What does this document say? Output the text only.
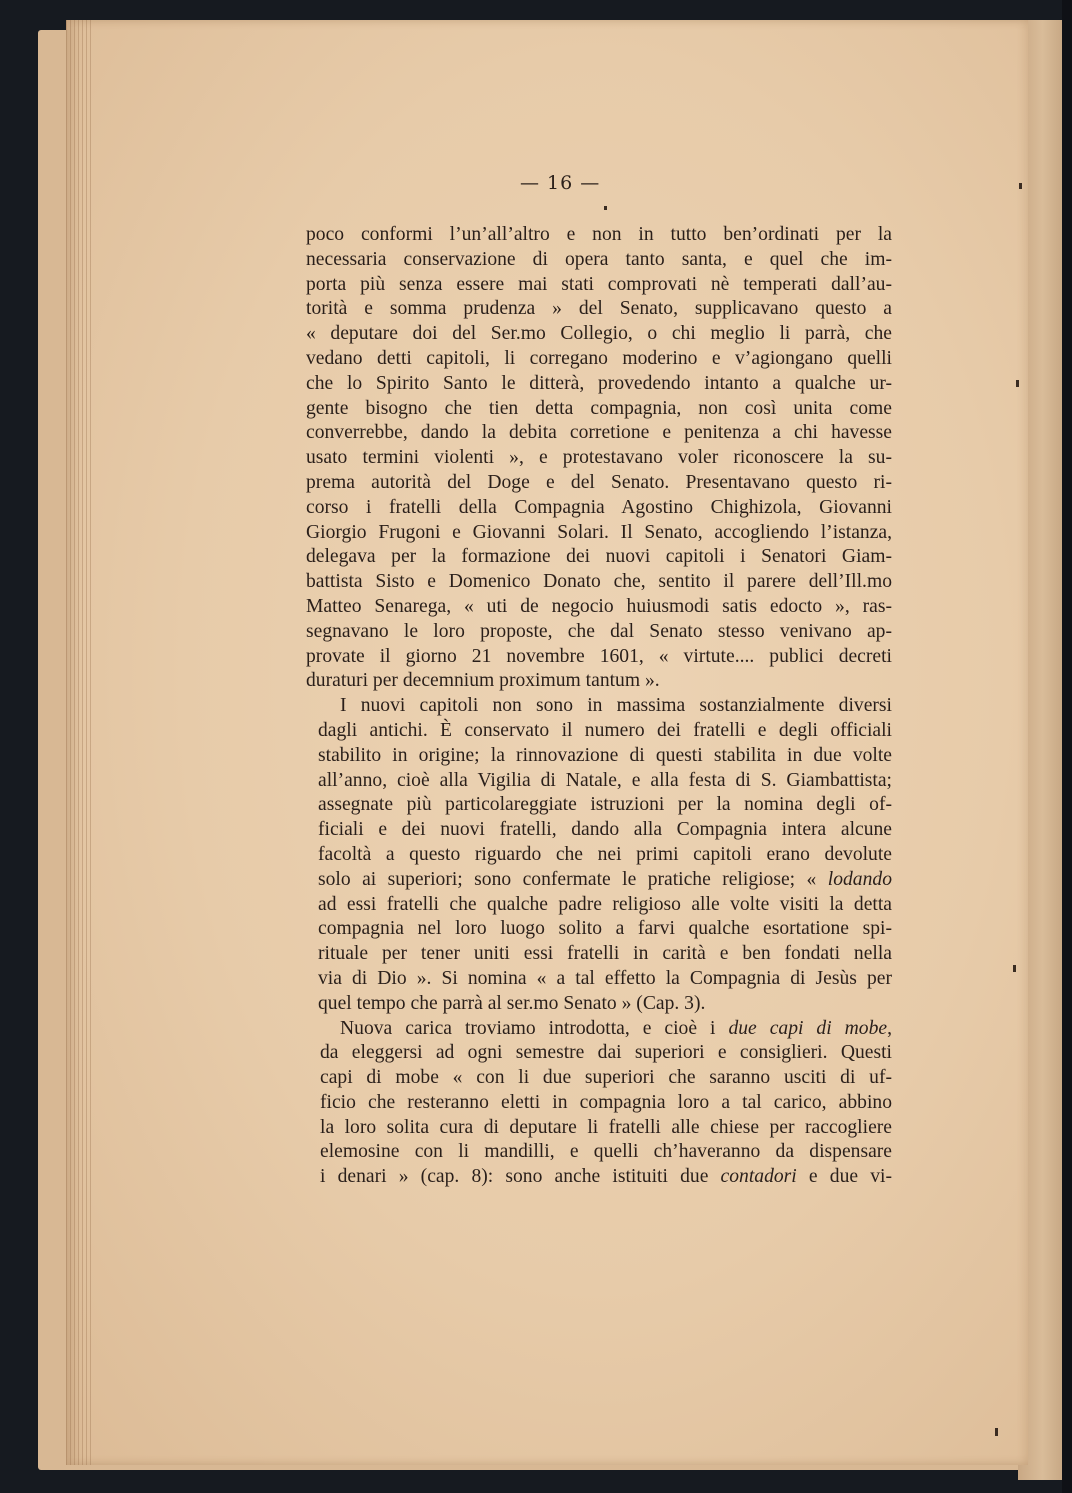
— 16 —
poco conformi l’un’all’altro e non in tutto ben’ordinati per la
necessaria conservazione di opera tanto santa, e quel che im-
porta più senza essere mai stati comprovati nè temperati dall’au-
torità e somma prudenza » del Senato, supplicavano questo a
« deputare doi del Ser.mo Collegio, o chi meglio li parrà, che
vedano detti capitoli, li corregano moderino e v’agiongano quelli
che lo Spirito Santo le ditterà, provedendo intanto a qualche ur-
gente bisogno che tien detta compagnia, non così unita come
converrebbe, dando la debita corretione e penitenza a chi havesse
usato termini violenti », e protestavano voler riconoscere la su-
prema autorità del Doge e del Senato. Presentavano questo ri-
corso i fratelli della Compagnia Agostino Chighizola, Giovanni
Giorgio Frugoni e Giovanni Solari. Il Senato, accogliendo l’istanza,
delegava per la formazione dei nuovi capitoli i Senatori Giam-
battista Sisto e Domenico Donato che, sentito il parere dell’Ill.mo
Matteo Senarega, « uti de negocio huiusmodi satis edocto », ras-
segnavano le loro proposte, che dal Senato stesso venivano ap-
provate il giorno 21 novembre 1601, « virtute.... publici decreti
duraturi per decemnium proximum tantum ».
I nuovi capitoli non sono in massima sostanzialmente diversi
dagli antichi. È conservato il numero dei fratelli e degli officiali
stabilito in origine; la rinnovazione di questi stabilita in due volte
all’anno, cioè alla Vigilia di Natale, e alla festa di S. Giambattista;
assegnate più particolareggiate istruzioni per la nomina degli of-
ficiali e dei nuovi fratelli, dando alla Compagnia intera alcune
facoltà a questo riguardo che nei primi capitoli erano devolute
solo ai superiori; sono confermate le pratiche religiose; « lodando
ad essi fratelli che qualche padre religioso alle volte visiti la detta
compagnia nel loro luogo solito a farvi qualche esortatione spi-
rituale per tener uniti essi fratelli in carità e ben fondati nella
via di Dio ». Si nomina « a tal effetto la Compagnia di Jesùs per
quel tempo che parrà al ser.mo Senato » (Cap. 3).
Nuova carica troviamo introdotta, e cioè i due capi di mobe,
da eleggersi ad ogni semestre dai superiori e consiglieri. Questi
capi di mobe « con li due superiori che saranno usciti di uf-
ficio che resteranno eletti in compagnia loro a tal carico, abbino
la loro solita cura di deputare li fratelli alle chiese per raccogliere
elemosine con li mandilli, e quelli ch’haveranno da dispensare
i denari » (cap. 8): sono anche istituiti due contadori e due vi-
